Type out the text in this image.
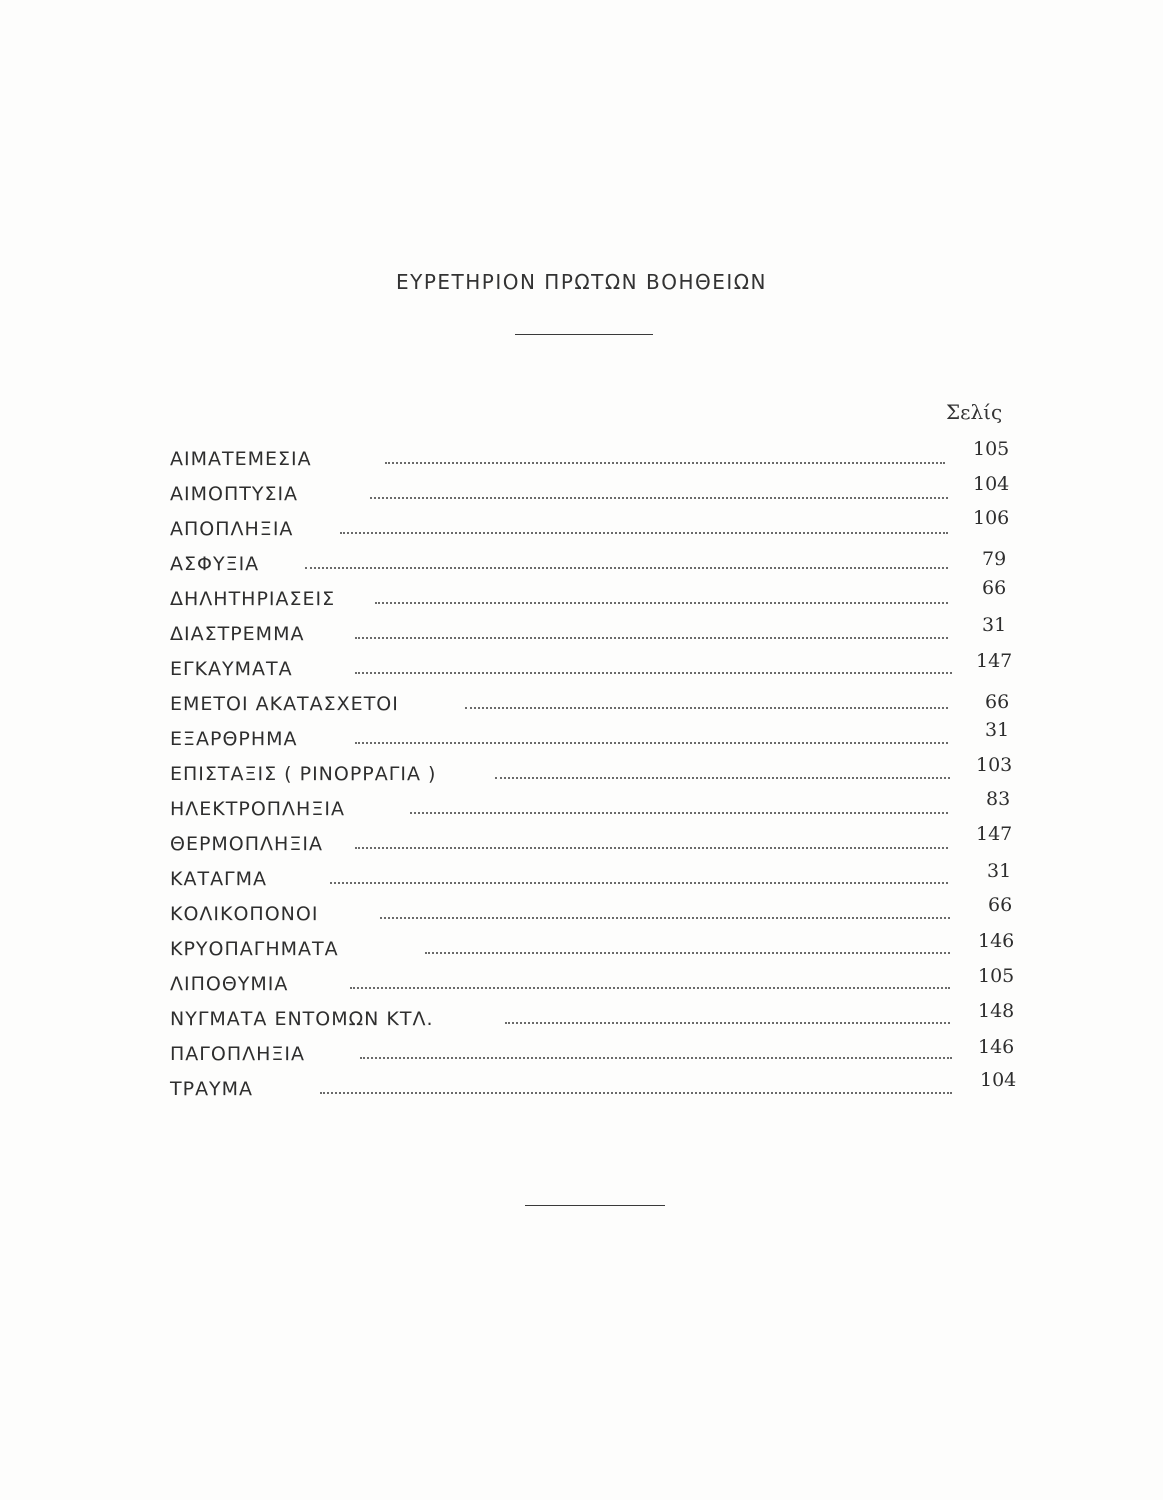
ΕΥΡΕΤΗΡΙΟΝ ΠΡΩΤΩΝ ΒΟΗΘΕΙΩΝ
Σελίς
ΑΙΜΑΤΕΜΕΣΙΑ	105
ΑΙΜΟΠΤΥΣΙΑ	104
ΑΠΟΠΛΗΞΙΑ	106
ΑΣΦΥΞΙΑ	79
ΔΗΛΗΤΗΡΙΑΣΕΙΣ	66
ΔΙΑΣΤΡΕΜΜΑ	31
ΕΓΚΑΥΜΑΤΑ	147
ΕΜΕΤΟΙ ΑΚΑΤΑΣΧΕΤΟΙ	66
ΕΞΑΡΘΡΗΜΑ	31
ΕΠΙΣΤΑΞΙΣ ( ΡΙΝΟΡΡΑΓΙΑ )	103
ΗΛΕΚΤΡΟΠΛΗΞΙΑ	83
ΘΕΡΜΟΠΛΗΞΙΑ	147
ΚΑΤΑΓΜΑ	31
ΚΟΛΙΚΟΠΟΝΟΙ	66
ΚΡΥΟΠΑΓΗΜΑΤΑ	146
ΛΙΠΟΘΥΜΙΑ	105
ΝΥΓΜΑΤΑ ΕΝΤΟΜΩΝ ΚΤΛ.	148
ΠΑΓΟΠΛΗΞΙΑ	146
ΤΡΑΥΜΑ	104
